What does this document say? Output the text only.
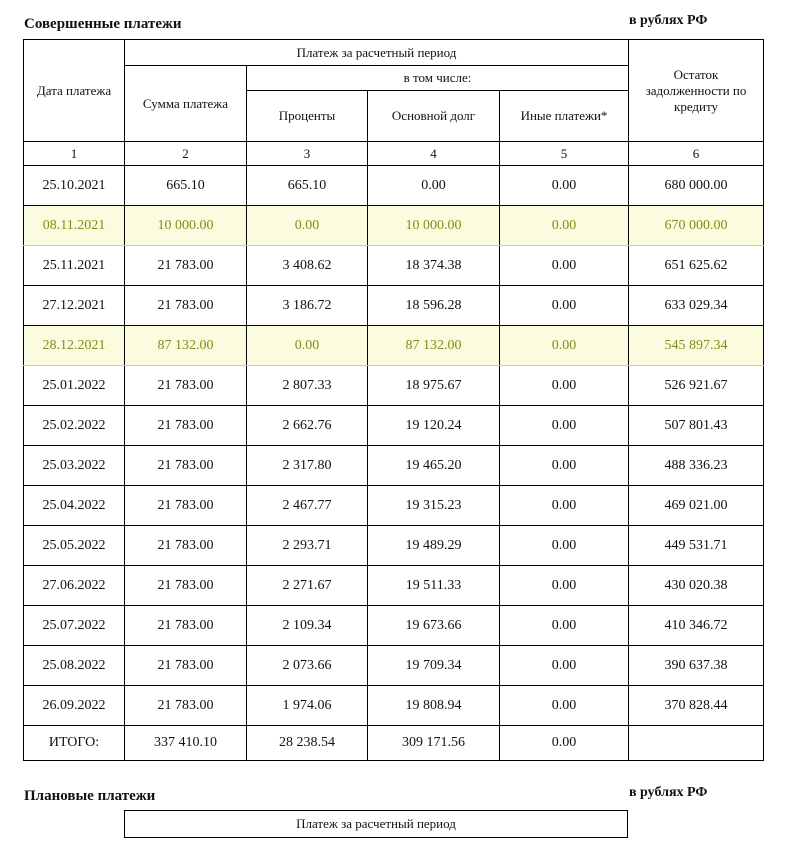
Совершенные платежи	в рублях РФ
Дата платежа	Платеж за расчетный период				Остаток задолженности по кредиту
	Сумма платежа	в том числе:			
		Проценты	Основной долг	Иные платежи*	
1	2	3	4	5	6
25.10.2021	665.10	665.10	0.00	0.00	680 000.00
08.11.2021	10 000.00	0.00	10 000.00	0.00	670 000.00
25.11.2021	21 783.00	3 408.62	18 374.38	0.00	651 625.62
27.12.2021	21 783.00	3 186.72	18 596.28	0.00	633 029.34
28.12.2021	87 132.00	0.00	87 132.00	0.00	545 897.34
25.01.2022	21 783.00	2 807.33	18 975.67	0.00	526 921.67
25.02.2022	21 783.00	2 662.76	19 120.24	0.00	507 801.43
25.03.2022	21 783.00	2 317.80	19 465.20	0.00	488 336.23
25.04.2022	21 783.00	2 467.77	19 315.23	0.00	469 021.00
25.05.2022	21 783.00	2 293.71	19 489.29	0.00	449 531.71
27.06.2022	21 783.00	2 271.67	19 511.33	0.00	430 020.38
25.07.2022	21 783.00	2 109.34	19 673.66	0.00	410 346.72
25.08.2022	21 783.00	2 073.66	19 709.34	0.00	390 637.38
26.09.2022	21 783.00	1 974.06	19 808.94	0.00	370 828.44
ИТОГО:	337 410.10	28 238.54	309 171.56	0.00	
Плановые платежи	в рублях РФ
Платеж за расчетный период
